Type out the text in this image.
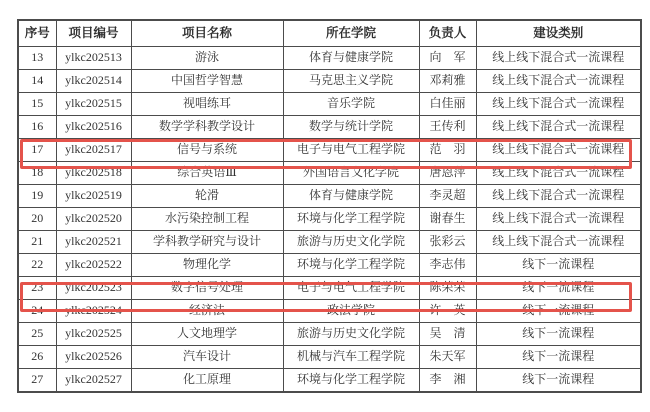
序号	项目编号	项目名称	所在学院	负责人	建设类别
13	ylkc202513	游泳	体育与健康学院	向　军	线上线下混合式一流课程
14	ylkc202514	中国哲学智慧	马克思主义学院	邓莉雅	线上线下混合式一流课程
15	ylkc202515	视唱练耳	音乐学院	白佳丽	线上线下混合式一流课程
16	ylkc202516	数学学科教学设计	数学与统计学院	王传利	线上线下混合式一流课程
17	ylkc202517	信号与系统	电子与电气工程学院	范　羽	线上线下混合式一流课程
18	ylkc202518	综合英语Ⅲ	外国语言文化学院	唐恩萍	线上线下混合式一流课程
19	ylkc202519	轮滑	体育与健康学院	李灵超	线上线下混合式一流课程
20	ylkc202520	水污染控制工程	环境与化学工程学院	谢春生	线上线下混合式一流课程
21	ylkc202521	学科教学研究与设计	旅游与历史文化学院	张彩云	线上线下混合式一流课程
22	ylkc202522	物理化学	环境与化学工程学院	李志伟	线下一流课程
23	ylkc202523	数字信号处理	电子与电气工程学院	陈荣荣	线下一流课程
24	ylkc202524	经济法	政法学院	许　英	线下一流课程
25	ylkc202525	人文地理学	旅游与历史文化学院	吴　清	线下一流课程
26	ylkc202526	汽车设计	机械与汽车工程学院	朱天军	线下一流课程
27	ylkc202527	化工原理	环境与化学工程学院	李　湘	线下一流课程
